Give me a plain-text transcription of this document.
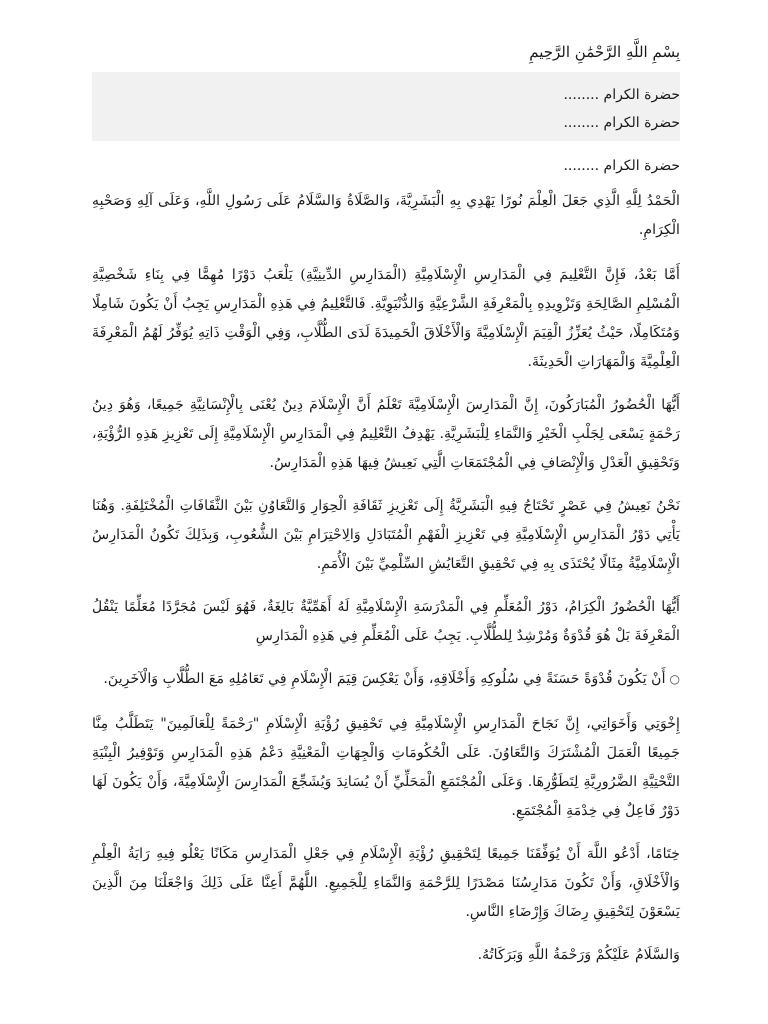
بِسْمِ اللَّهِ الرَّحْمَٰنِ الرَّحِيمِ
حضرة الكرام ........
حضرة الكرام ........
حضرة الكرام ........

الْحَمْدُ لِلَّهِ الَّذِي جَعَلَ الْعِلْمَ نُورًا يَهْدِي بِهِ الْبَشَرِيَّةَ، وَالصَّلَاةُ وَالسَّلَامُ عَلَى رَسُولِ اللَّهِ، وَعَلَى آلِهِ وَصَحْبِهِ الْكِرَامِ.

أَمَّا بَعْدُ، فَإِنَّ التَّعْلِيمَ فِي الْمَدَارِسِ الْإِسْلَامِيَّةِ (الْمَدَارِسِ الدِّينِيَّةِ) يَلْعَبُ دَوْرًا مُهِمًّا فِي بِنَاءِ شَخْصِيَّةِ الْمُسْلِمِ الصَّالِحَةِ وَتَزْوِيدِهِ بِالْمَعْرِفَةِ الشَّرْعِيَّةِ وَالدُّنْيَوِيَّةِ. فَالتَّعْلِيمُ فِي هَذِهِ الْمَدَارِسِ يَجِبُ أَنْ يَكُونَ شَامِلًا وَمُتَكَامِلًا، حَيْثُ يُعَزِّزُ الْقِيَمَ الْإِسْلَامِيَّةَ وَالْأَخْلَاقَ الْحَمِيدَةَ لَدَى الطُّلَّابِ، وَفِي الْوَقْتِ ذَاتِهِ يُوَفِّرُ لَهُمُ الْمَعْرِفَةَ الْعِلْمِيَّةَ وَالْمَهَارَاتِ الْحَدِيثَةَ.

أَيُّهَا الْحُضُورُ الْمُبَارَكُونَ، إِنَّ الْمَدَارِسَ الْإِسْلَامِيَّةَ تَعْلَمُ أَنَّ الْإِسْلَامَ دِينٌ يُعْنَى بِالْإِنْسَانِيَّةِ جَمِيعًا، وَهُوَ دِينُ رَحْمَةٍ يَسْعَى لِجَلْبِ الْخَيْرِ وَالنَّمَاءِ لِلْبَشَرِيَّةِ. يَهْدِفُ التَّعْلِيمُ فِي الْمَدَارِسِ الْإِسْلَامِيَّةِ إِلَى تَعْزِيزِ هَذِهِ الرُّؤْيَةِ، وَتَحْقِيقِ الْعَدْلِ وَالْإِنْصَافِ فِي الْمُجْتَمَعَاتِ الَّتِي نَعِيشُ فِيهَا هَذِهِ الْمَدَارِسُ.

نَحْنُ نَعِيشُ فِي عَصْرٍ تَحْتَاجُ فِيهِ الْبَشَرِيَّةُ إِلَى تَعْزِيزِ ثَقَافَةِ الْحِوَارِ وَالتَّعَاوُنِ بَيْنَ الثَّقَافَاتِ الْمُخْتَلِفَةِ. وَهُنَا يَأْتِي دَوْرُ الْمَدَارِسِ الْإِسْلَامِيَّةِ فِي تَعْزِيزِ الْفَهْمِ الْمُتَبَادَلِ وَالِاحْتِرَامِ بَيْنَ الشُّعُوبِ، وَبِذَلِكَ تَكُونُ الْمَدَارِسُ الْإِسْلَامِيَّةُ مِثَالًا يُحْتَذَى بِهِ فِي تَحْقِيقِ التَّعَايُشِ السِّلْمِيِّ بَيْنَ الْأُمَمِ.

أَيُّهَا الْحُضُورُ الْكِرَامُ، دَوْرُ الْمُعَلِّمِ فِي الْمَدْرَسَةِ الْإِسْلَامِيَّةِ لَهُ أَهَمِّيَّةٌ بَالِغَةٌ، فَهُوَ لَيْسَ مُجَرَّدًا مُعَلِّمًا يَنْقُلُ الْمَعْرِفَةَ بَلْ هُوَ قُدْوَةٌ وَمُرْشِدٌ لِلطُّلَّابِ. يَجِبُ عَلَى الْمُعَلِّمِ فِي هَذِهِ الْمَدَارِسِ

○
أَنْ يَكُونَ قُدْوَةً حَسَنَةً فِي سُلُوكِهِ وَأَخْلَاقِهِ، وَأَنْ يَعْكِسَ قِيَمَ الْإِسْلَامِ فِي تَعَامُلِهِ مَعَ الطُّلَّابِ وَالْآخَرِينَ.

إِخْوَتِي وَأَخَوَاتِي، إِنَّ نَجَاحَ الْمَدَارِسِ الْإِسْلَامِيَّةِ فِي تَحْقِيقِ رُؤْيَةِ الْإِسْلَامِ "رَحْمَةً لِلْعَالَمِينَ" يَتَطَلَّبُ مِنَّا جَمِيعًا الْعَمَلَ الْمُشْتَرَكَ وَالتَّعَاوُنَ. عَلَى الْحُكُومَاتِ وَالْجِهَاتِ الْمَعْنِيَّةِ دَعْمُ هَذِهِ الْمَدَارِسِ وَتَوْفِيرُ الْبِنْيَةِ التَّحْتِيَّةِ الضَّرُورِيَّةِ لِتَطَوُّرِهَا. وَعَلَى الْمُجْتَمَعِ الْمَحَلِّيِّ أَنْ يُسَانِدَ وَيُشَجِّعَ الْمَدَارِسَ الْإِسْلَامِيَّةَ، وَأَنْ يَكُونَ لَهَا دَوْرٌ فَاعِلٌ فِي خِدْمَةِ الْمُجْتَمَعِ.

خِتَامًا، أَدْعُو اللَّهَ أَنْ يُوَفِّقَنَا جَمِيعًا لِتَحْقِيقِ رُؤْيَةِ الْإِسْلَامِ فِي جَعْلِ الْمَدَارِسِ مَكَانًا يَعْلُو فِيهِ رَايَةُ الْعِلْمِ وَالْأَخْلَاقِ، وَأَنْ تَكُونَ مَدَارِسُنَا مَصْدَرًا لِلرَّحْمَةِ وَالنَّمَاءِ لِلْجَمِيعِ. اللَّهُمَّ أَعِنَّا عَلَى ذَلِكَ وَاجْعَلْنَا مِنَ الَّذِينَ يَسْعَوْنَ لِتَحْقِيقِ رِضَاكَ وَإِرْضَاءِ النَّاسِ.

وَالسَّلَامُ عَلَيْكُمْ وَرَحْمَةُ اللَّهِ وَبَرَكَاتُهُ.
